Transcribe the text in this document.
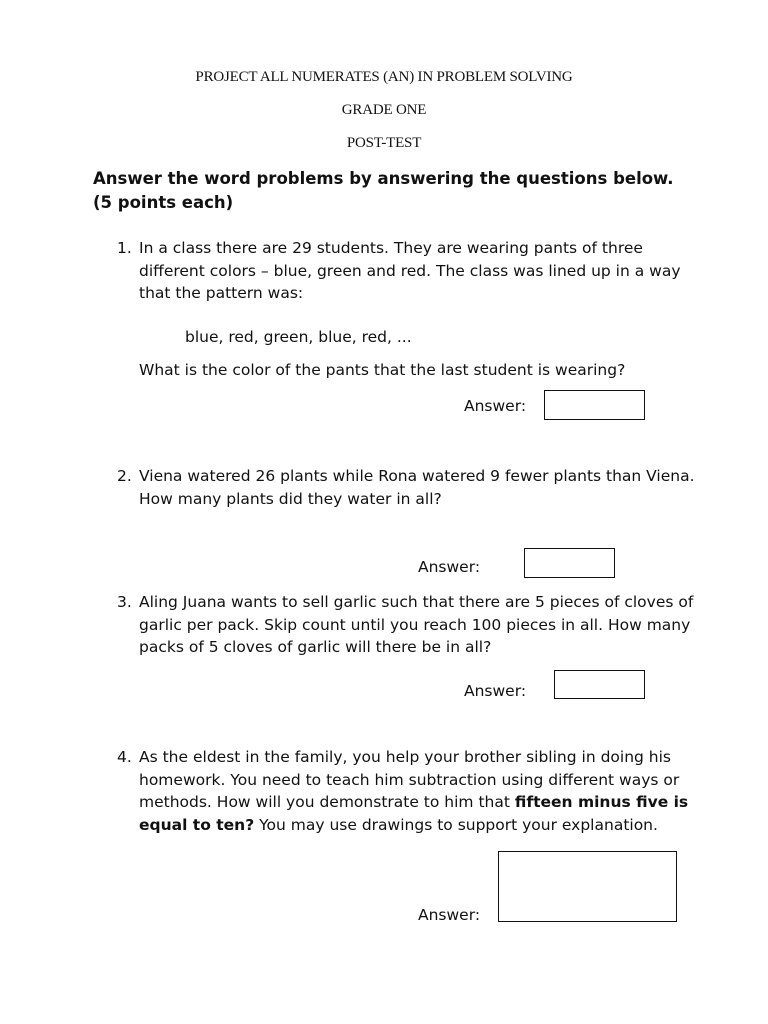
PROJECT ALL NUMERATES (AN) IN PROBLEM SOLVING
GRADE ONE
POST-TEST
Answer the word problems by answering the questions below.
(5 points each)
1. In a class there are 29 students. They are wearing pants of three different colors – blue, green and red. The class was lined up in a way that the pattern was:

blue, red, green, blue, red, ...
What is the color of the pants that the last student is wearing?
Answer:
2. Viena watered 26 plants while Rona watered 9 fewer plants than Viena. How many plants did they water in all?

Answer:
3. Aling Juana wants to sell garlic such that there are 5 pieces of cloves of garlic per pack. Skip count until you reach 100 pieces in all. How many packs of 5 cloves of garlic will there be in all?

Answer:
4. As the eldest in the family, you help your brother sibling in doing his homework. You need to teach him subtraction using different ways or methods. How will you demonstrate to him that fifteen minus five is equal to ten? You may use drawings to support your explanation.

Answer:
